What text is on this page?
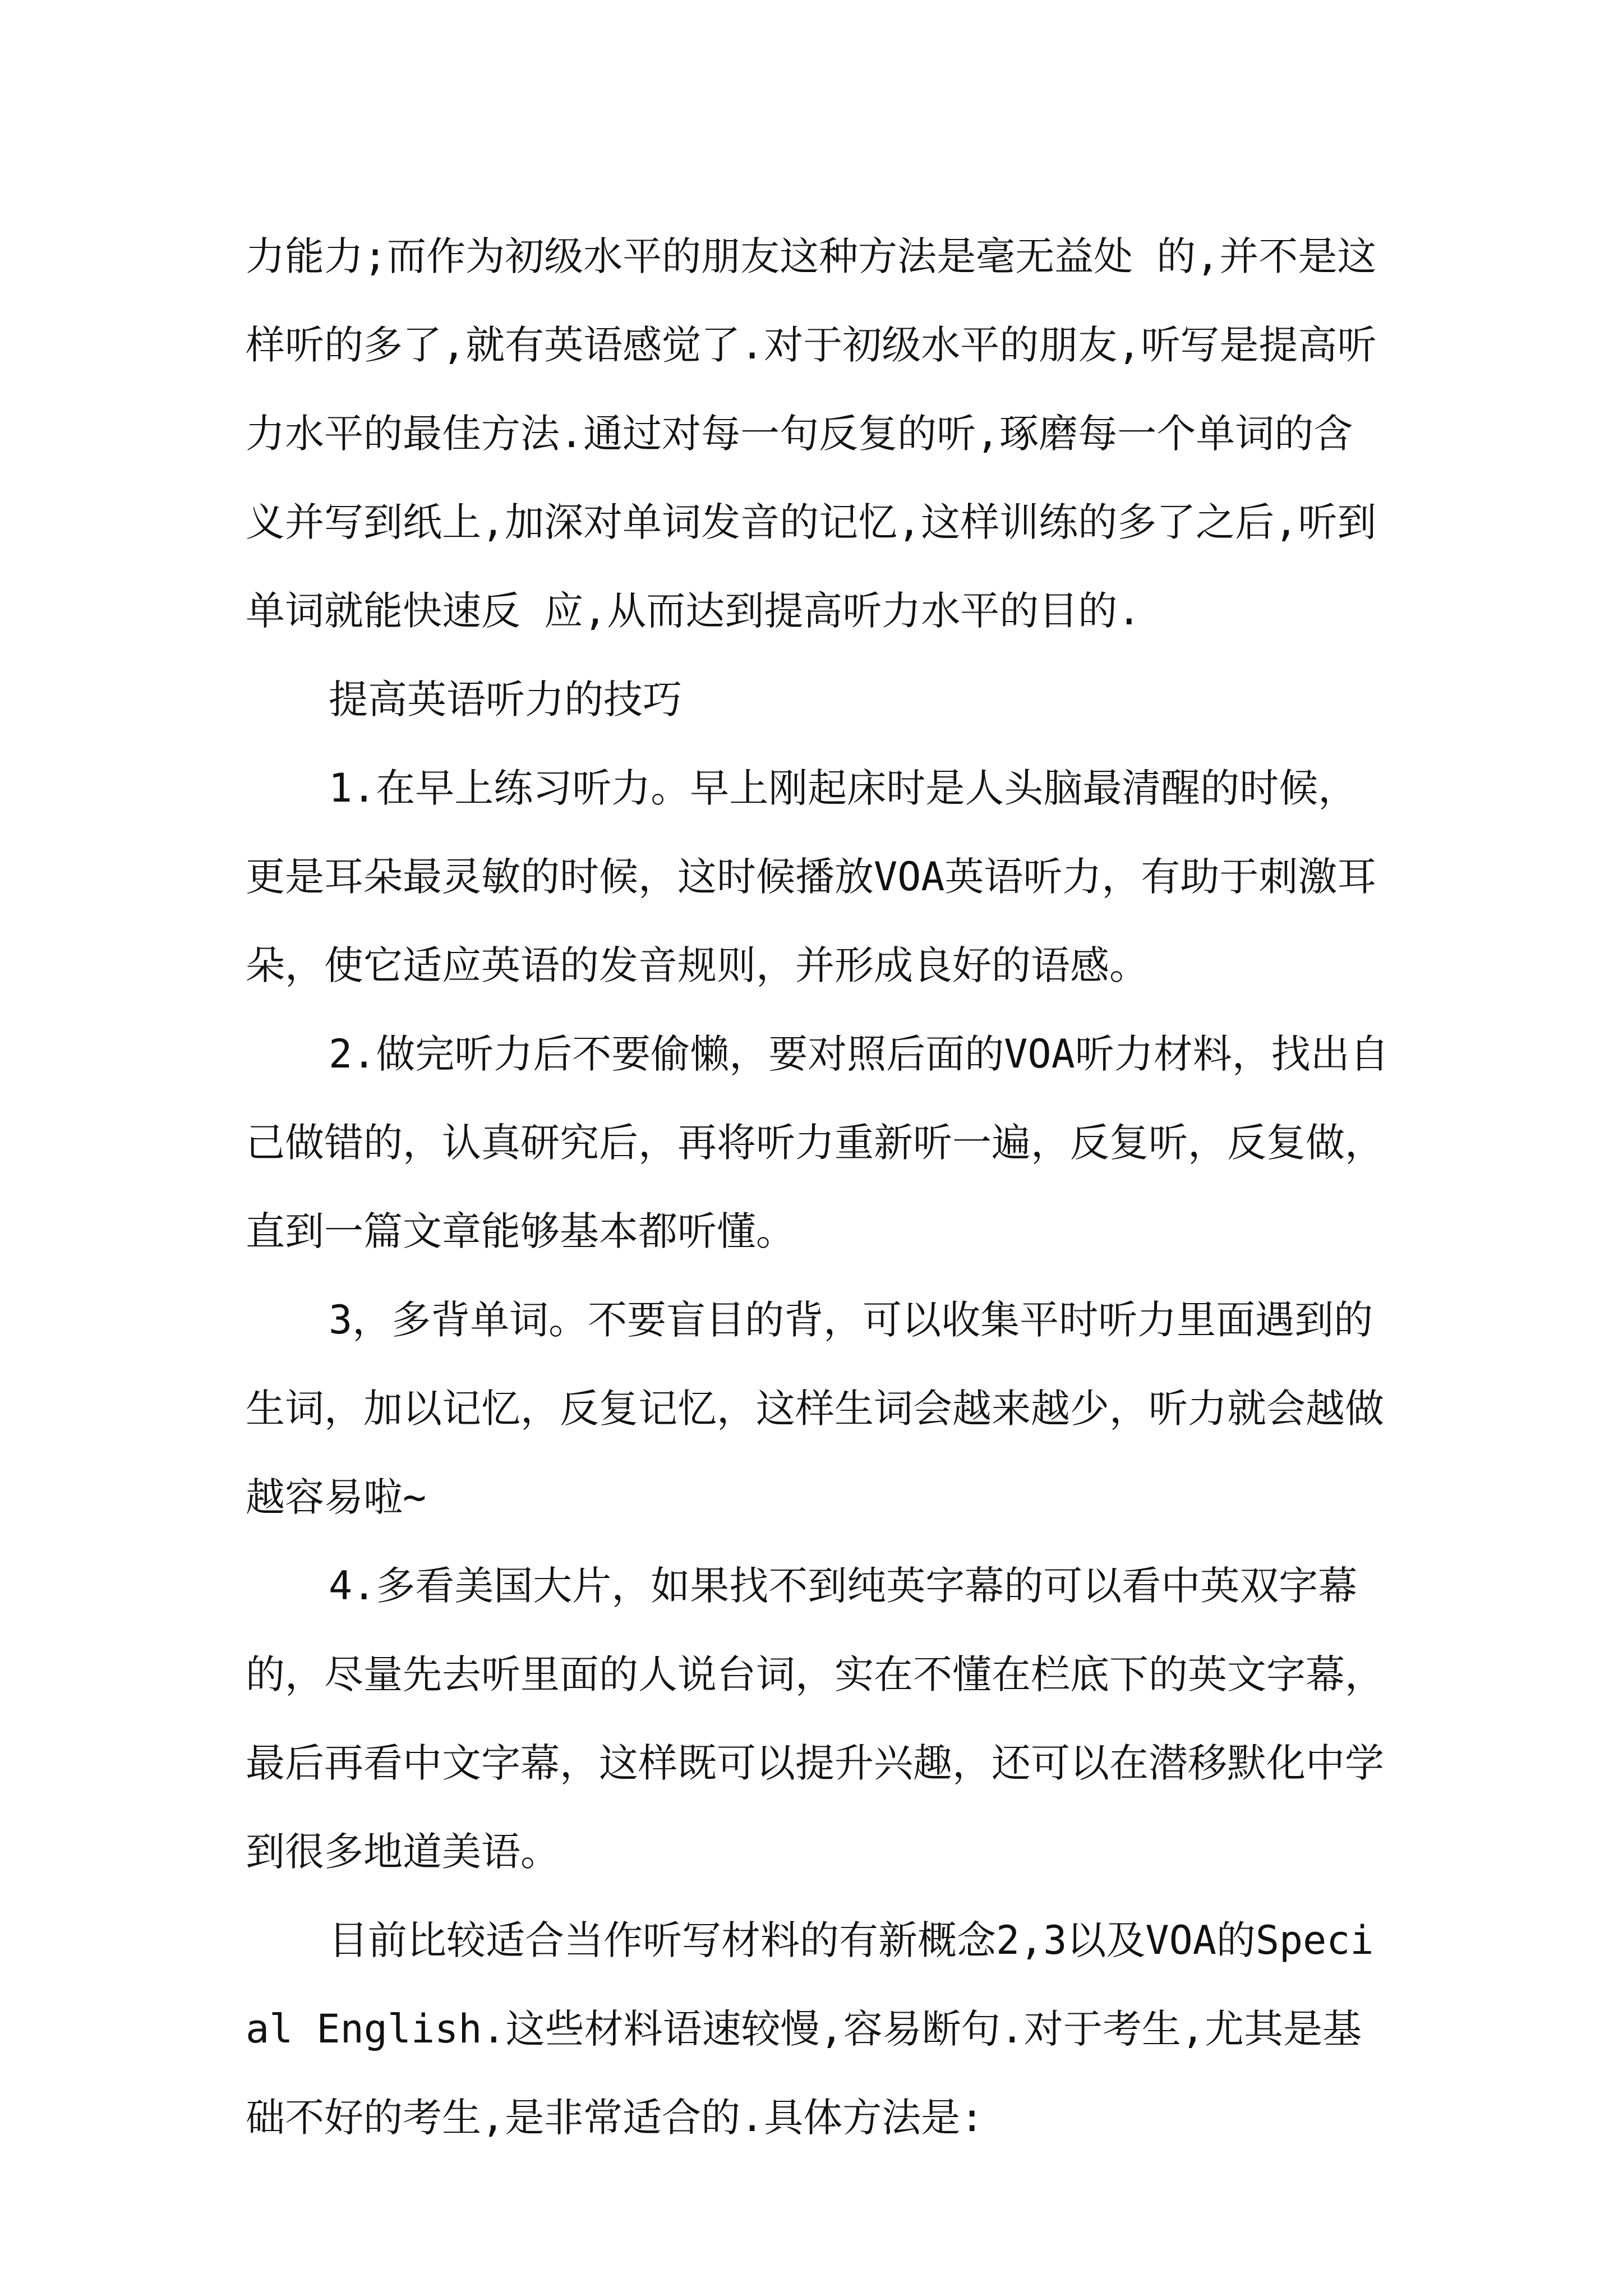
力能力;而作为初级水平的朋友这种方法是毫无益处 的,并不是这样听的多了,就有英语感觉了.对于初级水平的朋友,听写是提高听力水平的最佳方法.通过对每一句反复的听,琢磨每一个单词的含义并写到纸上,加深对单词发音的记忆,这样训练的多了之后,听到单词就能快速反 应,从而达到提高听力水平的目的.

提高英语听力的技巧

1.在早上练习听力。早上刚起床时是人头脑最清醒的时候，更是耳朵最灵敏的时候，这时候播放VOA英语听力，有助于刺激耳朵，使它适应英语的发音规则，并形成良好的语感。

2.做完听力后不要偷懒，要对照后面的VOA听力材料，找出自己做错的，认真研究后，再将听力重新听一遍，反复听，反复做，直到一篇文章能够基本都听懂。

3，多背单词。不要盲目的背，可以收集平时听力里面遇到的生词，加以记忆，反复记忆，这样生词会越来越少，听力就会越做越容易啦~

4.多看美国大片，如果找不到纯英字幕的可以看中英双字幕的，尽量先去听里面的人说台词，实在不懂在栏底下的英文字幕，最后再看中文字幕，这样既可以提升兴趣，还可以在潜移默化中学到很多地道美语。

目前比较适合当作听写材料的有新概念2,3以及VOA的Special English.这些材料语速较慢,容易断句.对于考生,尤其是基础不好的考生,是非常适合的.具体方法是:
